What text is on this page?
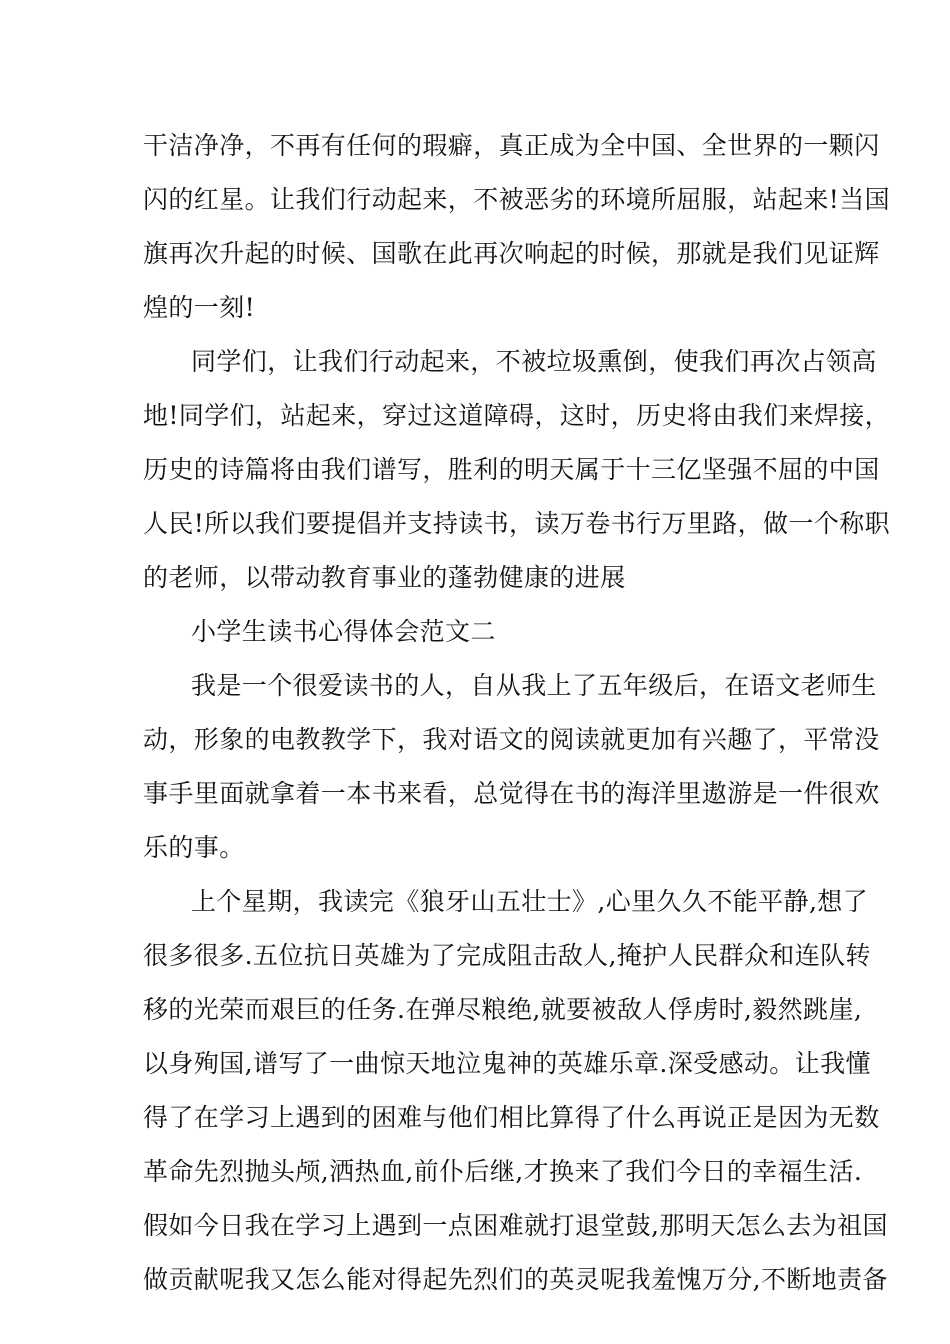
干洁净净，不再有任何的瑕癖，真正成为全中国、全世界的一颗闪
闪的红星。让我们行动起来，不被恶劣的环境所屈服，站起来!当国
旗再次升起的时候、国歌在此再次响起的时候，那就是我们见证辉
煌的一刻!
同学们，让我们行动起来，不被垃圾熏倒，使我们再次占领高
地!同学们，站起来，穿过这道障碍，这时，历史将由我们来焊接，
历史的诗篇将由我们谱写，胜利的明天属于十三亿坚强不屈的中国
人民!所以我们要提倡并支持读书，读万卷书行万里路，做一个称职
的老师，以带动教育事业的蓬勃健康的进展
小学生读书心得体会范文二
我是一个很爱读书的人，自从我上了五年级后，在语文老师生
动，形象的电教教学下，我对语文的阅读就更加有兴趣了，平常没
事手里面就拿着一本书来看，总觉得在书的海洋里遨游是一件很欢
乐的事。
上个星期，我读完《狼牙山五壮士》,心里久久不能平静,想了
很多很多.五位抗日英雄为了完成阻击敌人,掩护人民群众和连队转
移的光荣而艰巨的任务.在弹尽粮绝,就要被敌人俘虏时,毅然跳崖,
以身殉国,谱写了一曲惊天地泣鬼神的英雄乐章.深受感动。让我懂
得了在学习上遇到的困难与他们相比算得了什么再说正是因为无数
革命先烈抛头颅,洒热血,前仆后继,才换来了我们今日的幸福生活.
假如今日我在学习上遇到一点困难就打退堂鼓,那明天怎么去为祖国
做贡献呢我又怎么能对得起先烈们的英灵呢我羞愧万分,不断地责备
